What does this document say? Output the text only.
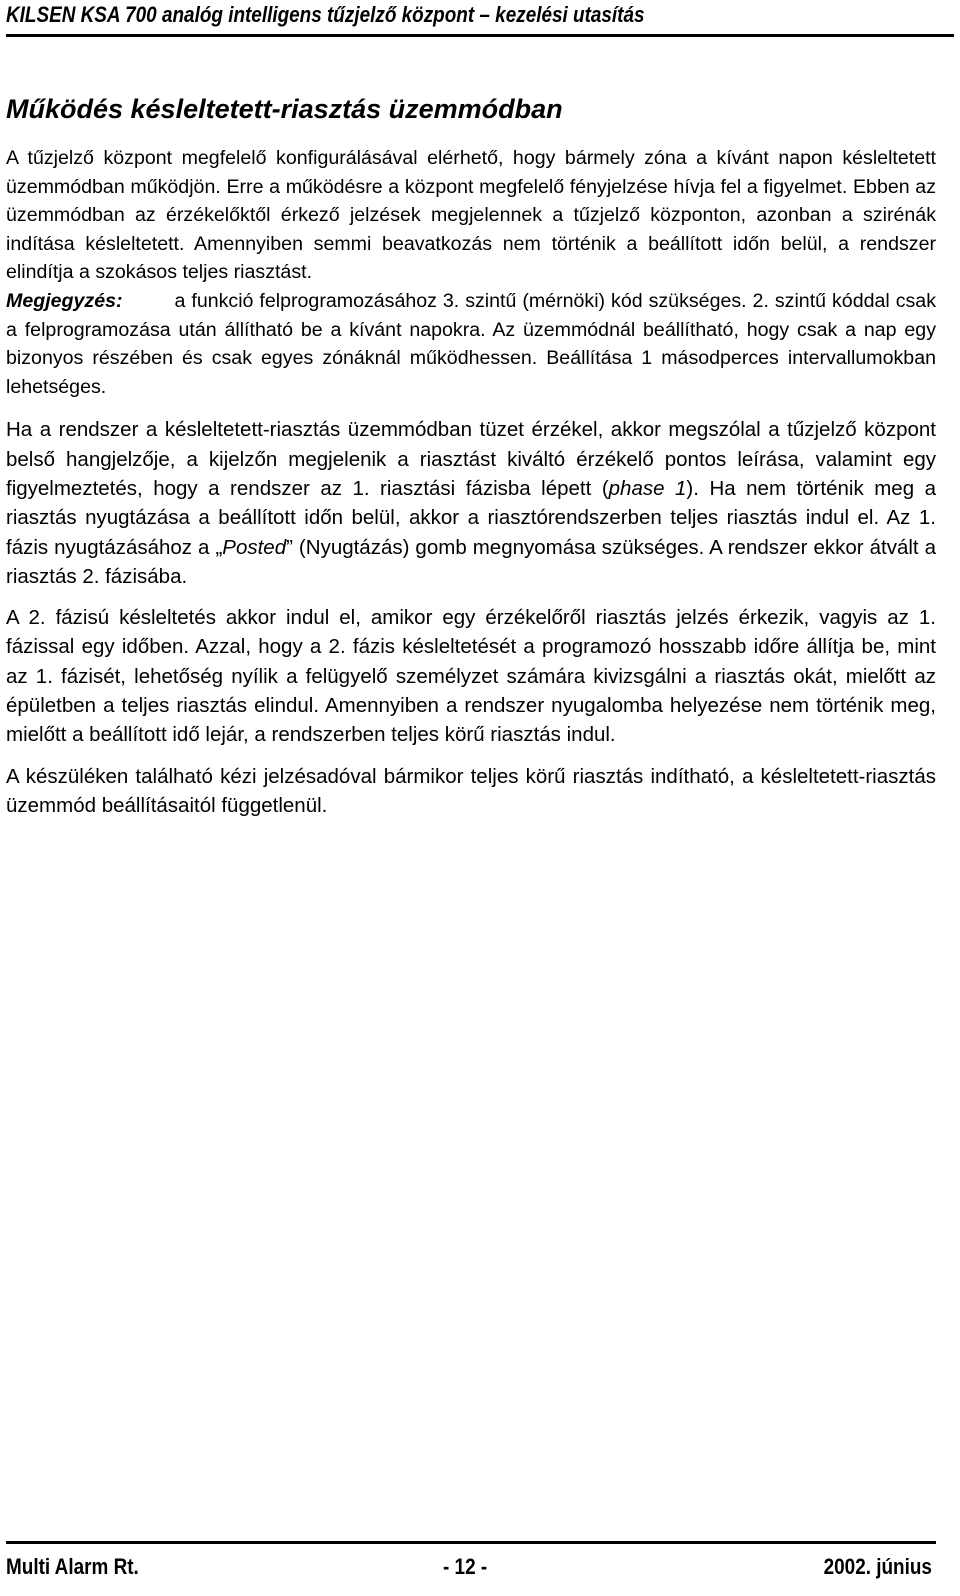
KILSEN KSA 700 analóg intelligens tűzjelző központ – kezelési utasítás
Működés késleltetett-riasztás üzemmódban

A tűzjelző központ megfelelő konfigurálásával elérhető, hogy bármely zóna a kívánt napon késleltetett üzemmódban működjön. Erre a működésre a központ megfelelő fényjelzése hívja fel a figyelmet. Ebben az üzemmódban az érzékelőktől érkező jelzések megjelennek a tűzjelző központon, azonban a szirénák indítása késleltetett. Amennyiben semmi beavatkozás nem történik a beállított időn belül, a rendszer elindítja a szokásos teljes riasztást.

Megjegyzés:	a funkció felprogramozásához 3. szintű (mérnöki) kód szükséges. 2. szintű kóddal csak a felprogramozása után állítható be a kívánt napokra. Az üzemmódnál beállítható, hogy csak a nap egy bizonyos részében és csak egyes zónáknál működhessen. Beállítása 1 másodperces intervallumokban lehetséges.

Ha a rendszer a késleltetett-riasztás üzemmódban tüzet érzékel, akkor megszólal a tűzjelző központ belső hangjelzője, a kijelzőn megjelenik a riasztást kiváltó érzékelő pontos leírása, valamint egy figyelmeztetés, hogy a rendszer az 1. riasztási fázisba lépett (phase 1). Ha nem történik meg a riasztás nyugtázása a beállított időn belül, akkor a riasztórendszerben teljes riasztás indul el. Az 1. fázis nyugtázásához a „Posted” (Nyugtázás) gomb megnyomása szükséges. A rendszer ekkor átvált a riasztás 2. fázisába.

A 2. fázisú késleltetés akkor indul el, amikor egy érzékelőről riasztás jelzés érkezik, vagyis az 1. fázissal egy időben. Azzal, hogy a 2. fázis késleltetését a programozó hosszabb időre állítja be, mint az 1. fázisét, lehetőség nyílik a felügyelő személyzet számára kivizsgálni a riasztás okát, mielőtt az épületben a teljes riasztás elindul. Amennyiben a rendszer nyugalomba helyezése nem történik meg, mielőtt a beállított idő lejár, a rendszerben teljes körű riasztás indul.

A készüléken található kézi jelzésadóval bármikor teljes körű riasztás indítható, a késleltetett-riasztás üzemmód beállításaitól függetlenül.

Multi Alarm Rt.	- 12 -	2002. június
